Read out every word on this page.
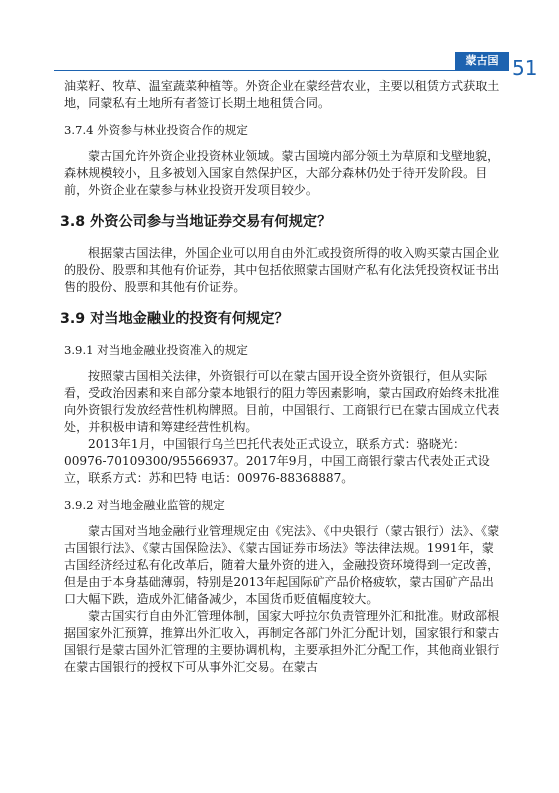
蒙古国 51

油菜籽、牧草、温室蔬菜种植等。外资企业在蒙经营农业，主要以租赁方式获取土地，同蒙私有土地所有者签订长期土地租赁合同。

3.7.4 外资参与林业投资合作的规定

蒙古国允许外资企业投资林业领域。蒙古国境内部分领土为草原和戈壁地貌，森林规模较小，且多被划入国家自然保护区，大部分森林仍处于待开发阶段。目前，外资企业在蒙参与林业投资开发项目较少。

3.8 外资公司参与当地证券交易有何规定？

根据蒙古国法律，外国企业可以用自由外汇或投资所得的收入购买蒙古国企业的股份、股票和其他有价证券，其中包括依照蒙古国财产私有化法凭投资权证书出售的股份、股票和其他有价证券。

3.9 对当地金融业的投资有何规定？
3.9.1 对当地金融业投资准入的规定

按照蒙古国相关法律，外资银行可以在蒙古国开设全资外资银行，但从实际看，受政治因素和来自部分蒙本地银行的阻力等因素影响，蒙古国政府始终未批准向外资银行发放经营性机构牌照。目前，中国银行、工商银行已在蒙古国成立代表处，并积极申请和筹建经营性机构。

2013年1月，中国银行乌兰巴托代表处正式设立，联系方式：骆晓光：00976-70109300/95566937。2017年9月，中国工商银行蒙古代表处正式设立，联系方式：苏和巴特 电话：00976-88368887。

3.9.2 对当地金融业监管的规定

蒙古国对当地金融行业管理规定由《宪法》、《中央银行（蒙古银行）法》、《蒙古国银行法》、《蒙古国保险法》、《蒙古国证券市场法》等法律法规。1991年，蒙古国经济经过私有化改革后，随着大量外资的进入，金融投资环境得到一定改善，但是由于本身基础薄弱，特别是2013年起国际矿产品价格疲软，蒙古国矿产品出口大幅下跌，造成外汇储备减少，本国货币贬值幅度较大。

蒙古国实行自由外汇管理体制，国家大呼拉尔负责管理外汇和批准。财政部根据国家外汇预算，推算出外汇收入，再制定各部门外汇分配计划，国家银行和蒙古国银行是蒙古国外汇管理的主要协调机构，主要承担外汇分配工作，其他商业银行在蒙古国银行的授权下可从事外汇交易。在蒙古
